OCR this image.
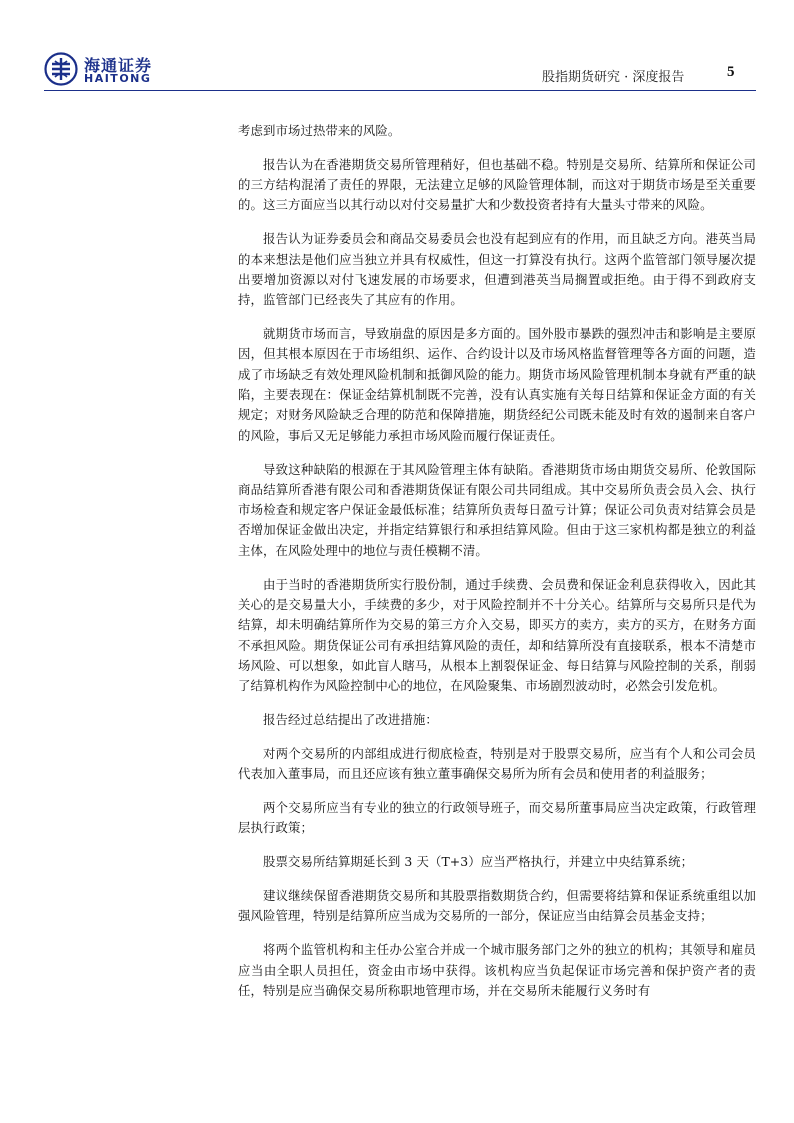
海通证券
HAITONG	股指期货研究 · 深度报告	5

考虑到市场过热带来的风险。

报告认为在香港期货交易所管理稍好，但也基础不稳。特别是交易所、结算所和保证公司的三方结构混淆了责任的界限，无法建立足够的风险管理体制，而这对于期货市场是至关重要的。这三方面应当以其行动以对付交易量扩大和少数投资者持有大量头寸带来的风险。

报告认为证券委员会和商品交易委员会也没有起到应有的作用，而且缺乏方向。港英当局的本来想法是他们应当独立并具有权威性，但这一打算没有执行。这两个监管部门领导屡次提出要增加资源以对付飞速发展的市场要求，但遭到港英当局搁置或拒绝。由于得不到政府支持，监管部门已经丧失了其应有的作用。

就期货市场而言，导致崩盘的原因是多方面的。国外股市暴跌的强烈冲击和影响是主要原因，但其根本原因在于市场组织、运作、合约设计以及市场风格监督管理等各方面的问题，造成了市场缺乏有效处理风险机制和抵御风险的能力。期货市场风险管理机制本身就有严重的缺陷，主要表现在：保证金结算机制既不完善，没有认真实施有关每日结算和保证金方面的有关规定；对财务风险缺乏合理的防范和保障措施，期货经纪公司既未能及时有效的遏制来自客户的风险，事后又无足够能力承担市场风险而履行保证责任。

导致这种缺陷的根源在于其风险管理主体有缺陷。香港期货市场由期货交易所、伦敦国际商品结算所香港有限公司和香港期货保证有限公司共同组成。其中交易所负责会员入会、执行市场检查和规定客户保证金最低标准；结算所负责每日盈亏计算；保证公司负责对结算会员是否增加保证金做出决定，并指定结算银行和承担结算风险。但由于这三家机构都是独立的利益主体，在风险处理中的地位与责任模糊不清。

由于当时的香港期货所实行股份制，通过手续费、会员费和保证金利息获得收入，因此其关心的是交易量大小，手续费的多少，对于风险控制并不十分关心。结算所与交易所只是代为结算，却未明确结算所作为交易的第三方介入交易，即买方的卖方，卖方的买方，在财务方面不承担风险。期货保证公司有承担结算风险的责任，却和结算所没有直接联系，根本不清楚市场风险、可以想象，如此盲人瞎马，从根本上割裂保证金、每日结算与风险控制的关系，削弱了结算机构作为风险控制中心的地位，在风险聚集、市场剧烈波动时，必然会引发危机。

报告经过总结提出了改进措施：

对两个交易所的内部组成进行彻底检查，特别是对于股票交易所，应当有个人和公司会员代表加入董事局，而且还应该有独立董事确保交易所为所有会员和使用者的利益服务；

两个交易所应当有专业的独立的行政领导班子，而交易所董事局应当决定政策，行政管理层执行政策；

股票交易所结算期延长到 3 天（T+3）应当严格执行，并建立中央结算系统；

建议继续保留香港期货交易所和其股票指数期货合约，但需要将结算和保证系统重组以加强风险管理，特别是结算所应当成为交易所的一部分，保证应当由结算会员基金支持；

将两个监管机构和主任办公室合并成一个城市服务部门之外的独立的机构；其领导和雇员应当由全职人员担任，资金由市场中获得。该机构应当负起保证市场完善和保护资产者的责任，特别是应当确保交易所称职地管理市场，并在交易所未能履行义务时有
